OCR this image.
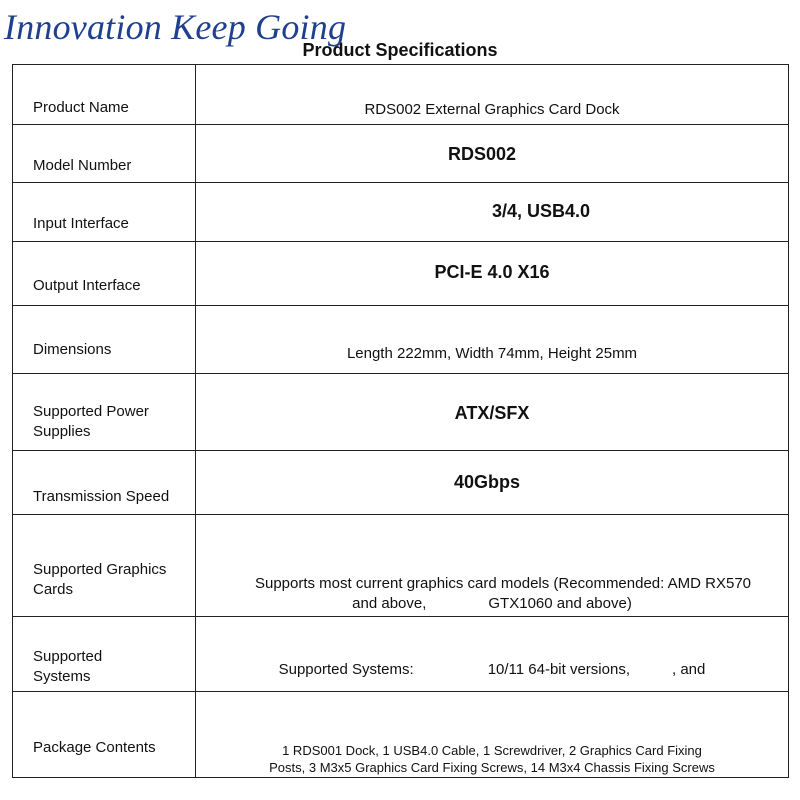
Innovation Keep Going
Product Specifications
Product Name	RDS002 External Graphics Card Dock

Model Number	RDS002

Input Interface	3/4, USB4.0

Output Interface	PCI-E 4.0 X16

Dimensions	Length 222mm, Width 74mm, Height 25mm

Supported Power
Supplies	ATX/SFX

Transmission Speed	40Gbps

Supported Graphics
Cards	Supports most current graphics card models (Recommended: AMD RX570
and above, GTX1060 and above)

Supported
Systems	Supported Systems: 10/11 64-bit versions, , and

Package Contents	1 RDS001 Dock, 1 USB4.0 Cable, 1 Screwdriver, 2 Graphics Card Fixing
Posts, 3 M3x5 Graphics Card Fixing Screws, 14 M3x4 Chassis Fixing Screws
